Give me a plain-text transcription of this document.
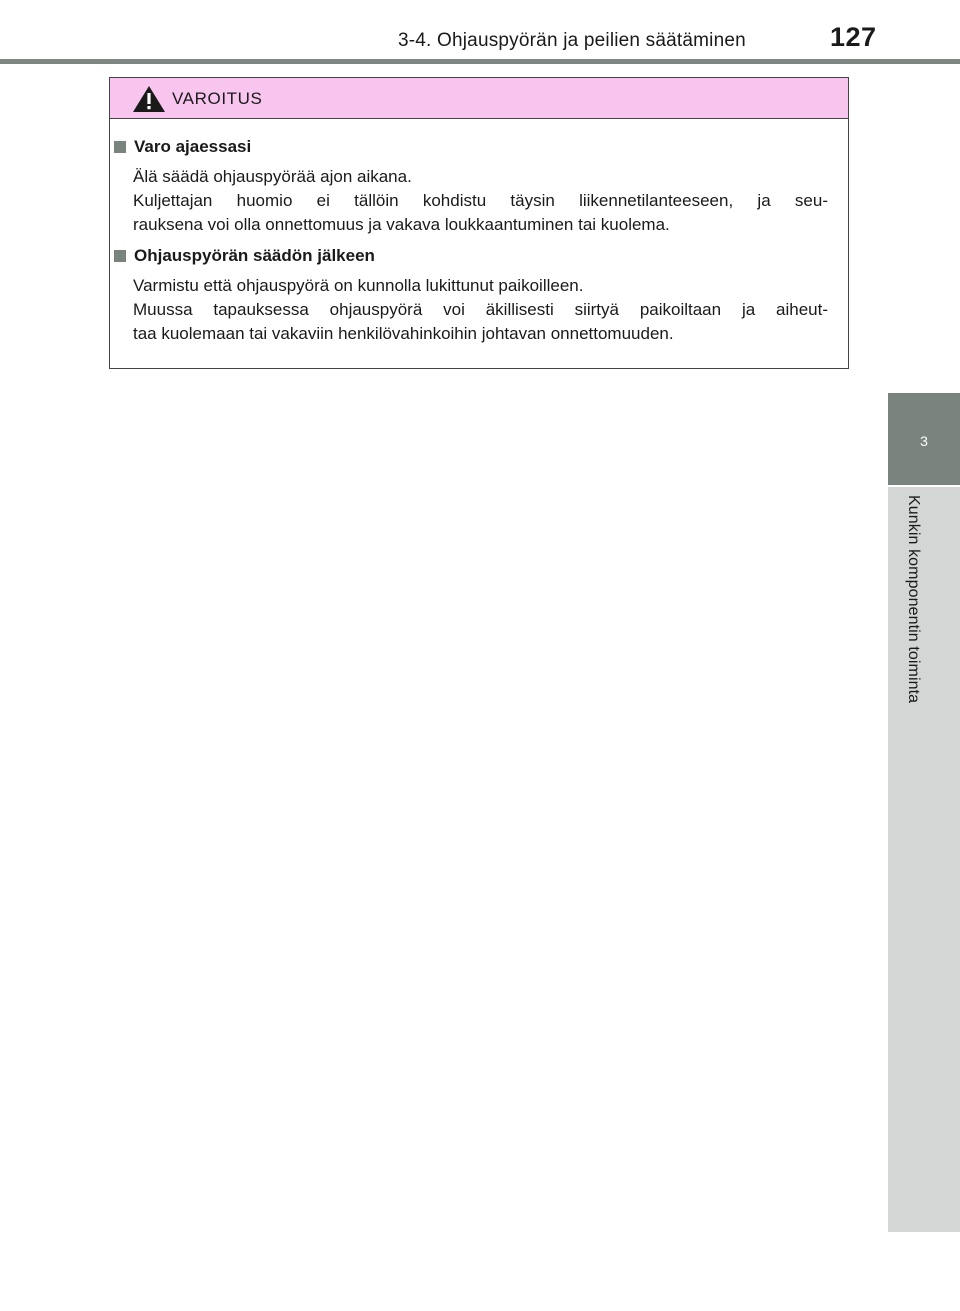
3-4. Ohjauspyörän ja peilien säätäminen	127
3
Kunkin komponentin toiminta
VAROITUS
Varo ajaessasi
Älä säädä ohjauspyörää ajon aikana.
Kuljettajan huomio ei tällöin kohdistu täysin liikennetilanteeseen, ja seu-
rauksena voi olla onnettomuus ja vakava loukkaantuminen tai kuolema.
Ohjauspyörän säädön jälkeen
Varmistu että ohjauspyörä on kunnolla lukittunut paikoilleen.
Muussa tapauksessa ohjauspyörä voi äkillisesti siirtyä paikoiltaan ja aiheut-
taa kuolemaan tai vakaviin henkilövahinkoihin johtavan onnettomuuden.
